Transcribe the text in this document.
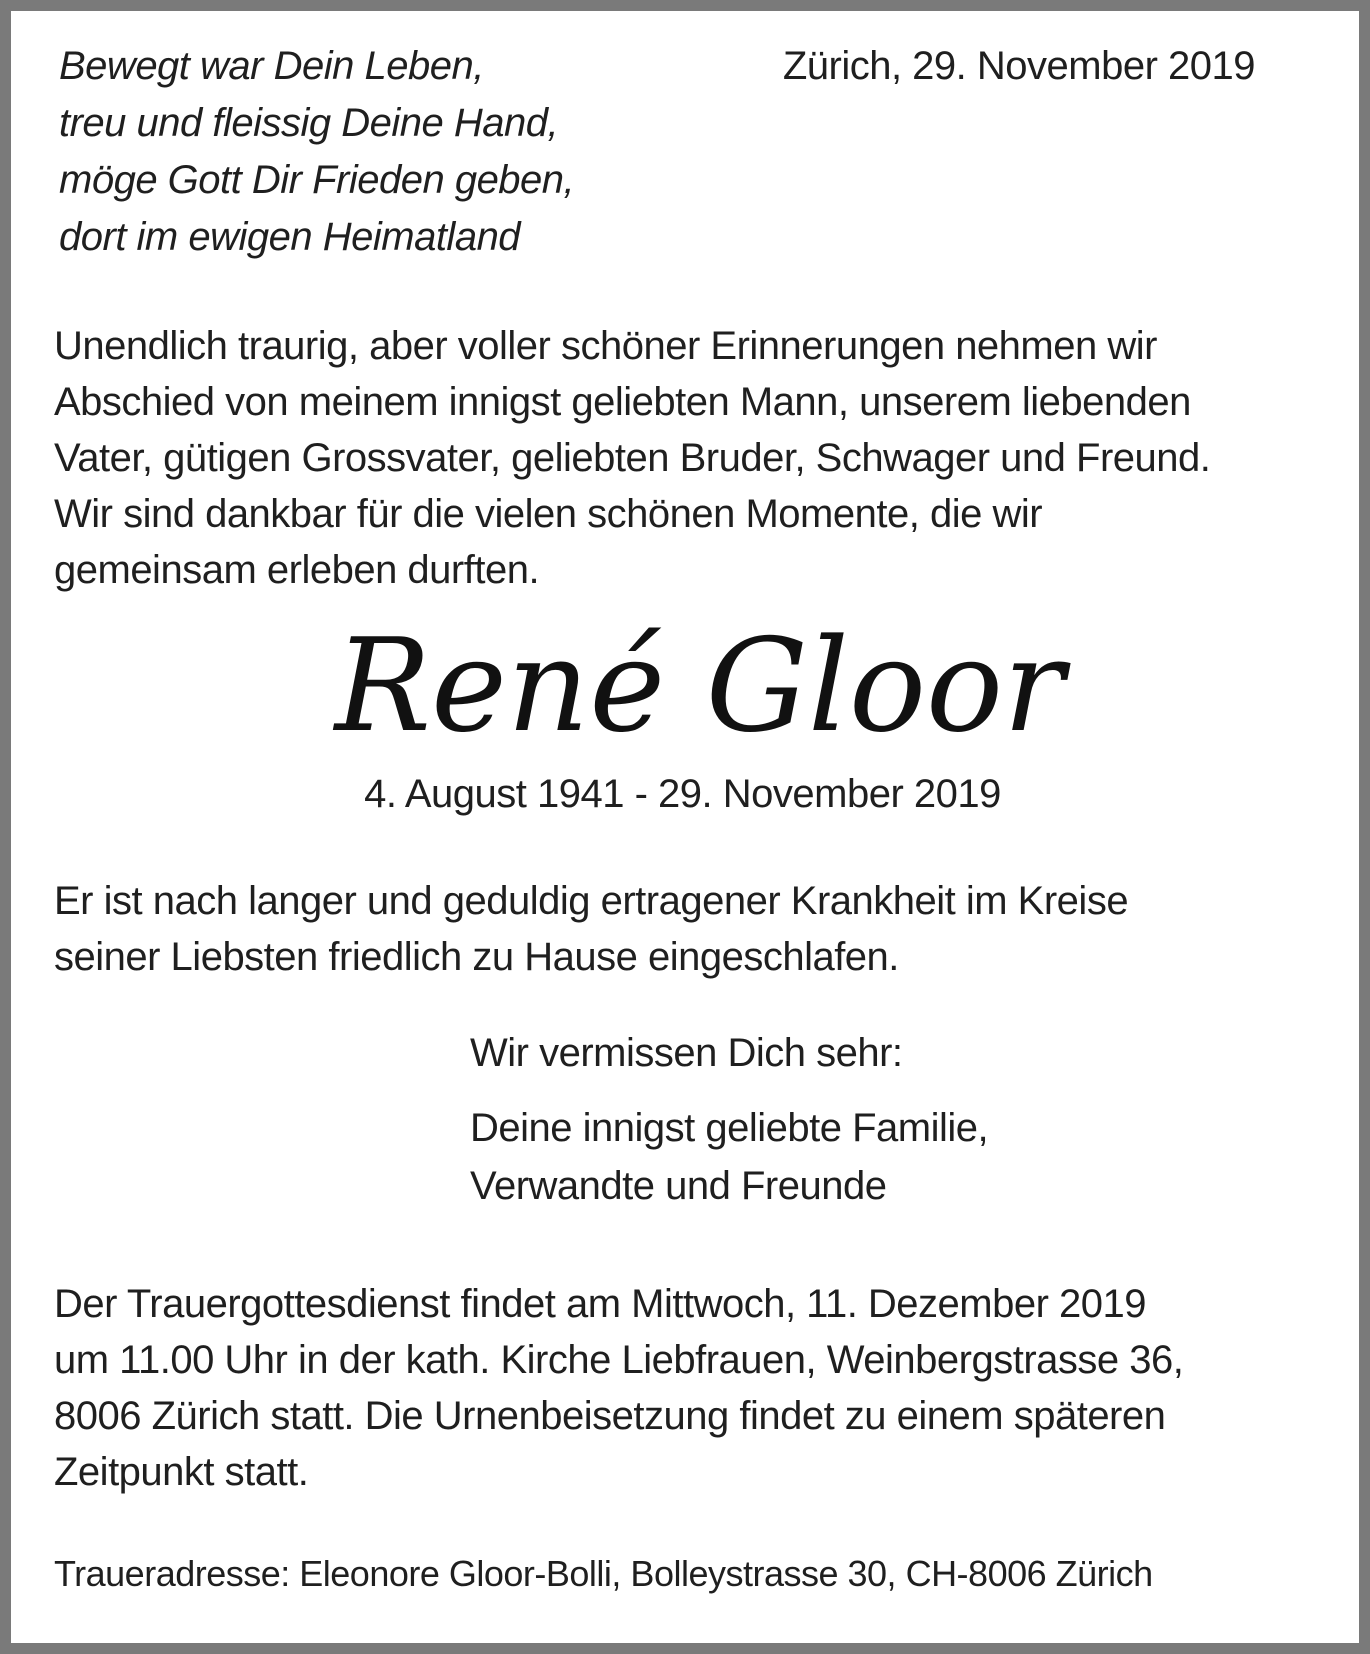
Bewegt war Dein Leben,
treu und fleissig Deine Hand,
möge Gott Dir Frieden geben,
dort im ewigen Heimatland
Zürich, 29. November 2019
Unendlich traurig, aber voller schöner Erinnerungen nehmen wir
Abschied von meinem innigst geliebten Mann, unserem liebenden
Vater, gütigen Grossvater, geliebten Bruder, Schwager und Freund.
Wir sind dankbar für die vielen schönen Momente, die wir
gemeinsam erleben durften.
René Gloor
4. August 1941 - 29. November 2019
Er ist nach langer und geduldig ertragener Krankheit im Kreise
seiner Liebsten friedlich zu Hause eingeschlafen.
Wir vermissen Dich sehr:
Deine innigst geliebte Familie,
Verwandte und Freunde
Der Trauergottesdienst findet am Mittwoch, 11. Dezember 2019
um 11.00 Uhr in der kath. Kirche Liebfrauen, Weinbergstrasse 36,
8006 Zürich statt. Die Urnenbeisetzung findet zu einem späteren
Zeitpunkt statt.
Traueradresse: Eleonore Gloor-Bolli, Bolleystrasse 30, CH-8006 Zürich
